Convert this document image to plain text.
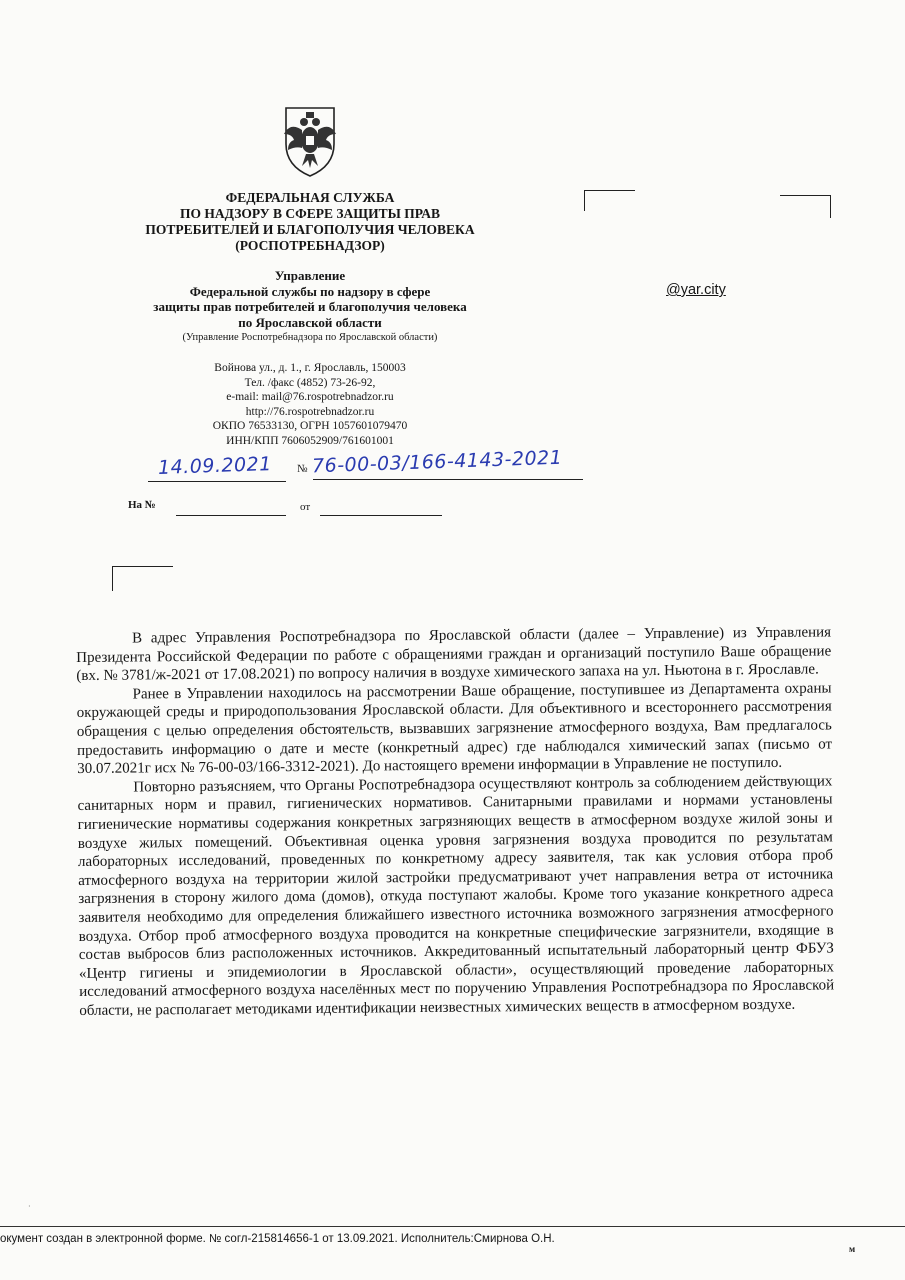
ФЕДЕРАЛЬНАЯ СЛУЖБА
ПО НАДЗОРУ В СФЕРЕ ЗАЩИТЫ ПРАВ
ПОТРЕБИТЕЛЕЙ И БЛАГОПОЛУЧИЯ ЧЕЛОВЕКА
(РОСПОТРЕБНАДЗОР)
Управление
Федеральной службы по надзору в сфере
защиты прав потребителей и благополучия человека
по Ярославской области
(Управление Роспотребнадзора по Ярославской области)
Войнова ул., д. 1., г. Ярославль, 150003
Тел. /факс (4852) 73-26-92,
e-mail: mail@76.rospotrebnadzor.ru
http://76.rospotrebnadzor.ru
ОКПО 76533130, ОГРН 1057601079470
ИНН/КПП 7606052909/761601001
14.09.2021 № 76-00-03/166-4143-2021
На №	от
@yar.city

В адрес Управления Роспотребнадзора по Ярославской области (далее – Управление) из Управления Президента Российской Федерации по работе с обращениями граждан и организаций поступило Ваше обращение (вх. № 3781/ж-2021 от 17.08.2021) по вопросу наличия в воздухе химического запаха на ул. Ньютона в г. Ярославле.

Ранее в Управлении находилось на рассмотрении Ваше обращение, поступившее из Департамента охраны окружающей среды и природопользования Ярославской области. Для объективного и всестороннего рассмотрения обращения с целью определения обстоятельств, вызвавших загрязнение атмосферного воздуха, Вам предлагалось предоставить информацию о дате и месте (конкретный адрес) где наблюдался химический запах (письмо от 30.07.2021г исх № 76-00-03/166-3312-2021). До настоящего времени информации в Управление не поступило.

Повторно разъясняем, что Органы Роспотребнадзора осуществляют контроль за соблюдением действующих санитарных норм и правил, гигиенических нормативов. Санитарными правилами и нормами установлены гигиенические нормативы содержания конкретных загрязняющих веществ в атмосферном воздухе жилой зоны и воздухе жилых помещений. Объективная оценка уровня загрязнения воздуха проводится по результатам лабораторных исследований, проведенных по конкретному адресу заявителя, так как условия отбора проб атмосферного воздуха на территории жилой застройки предусматривают учет направления ветра от источника загрязнения в сторону жилого дома (домов), откуда поступают жалобы. Кроме того указание конкретного адреса заявителя необходимо для определения ближайшего известного источника возможного загрязнения атмосферного воздуха. Отбор проб атмосферного воздуха проводится на конкретные специфические загрязнители, входящие в состав выбросов близ расположенных источников. Аккредитованный испытательный лабораторный центр ФБУЗ «Центр гигиены и эпидемиологии в Ярославской области», осуществляющий проведение лабораторных исследований атмосферного воздуха населённых мест по поручению Управления Роспотребнадзора по Ярославской области, не располагает методиками идентификации неизвестных химических веществ в атмосферном воздухе.

·
окумент создан в электронной форме. № согл-215814656-1 от 13.09.2021. Исполнитель:Смирнова О.Н.
м
